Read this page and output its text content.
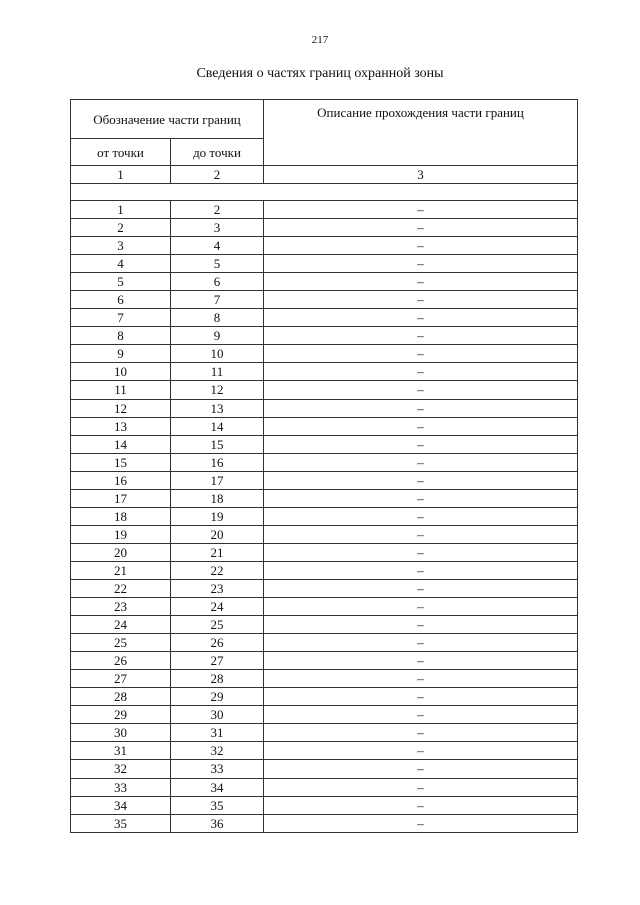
217
Сведения о частях границ охранной зоны
Обозначение части границ		Описание прохождения части границ
от точки	до точки	
1	2	3

1	2	–
2	3	–
3	4	–
4	5	–
5	6	–
6	7	–
7	8	–
8	9	–
9	10	–
10	11	–
11	12	–
12	13	–
13	14	–
14	15	–
15	16	–
16	17	–
17	18	–
18	19	–
19	20	–
20	21	–
21	22	–
22	23	–
23	24	–
24	25	–
25	26	–
26	27	–
27	28	–
28	29	–
29	30	–
30	31	–
31	32	–
32	33	–
33	34	–
34	35	–
35	36	–
